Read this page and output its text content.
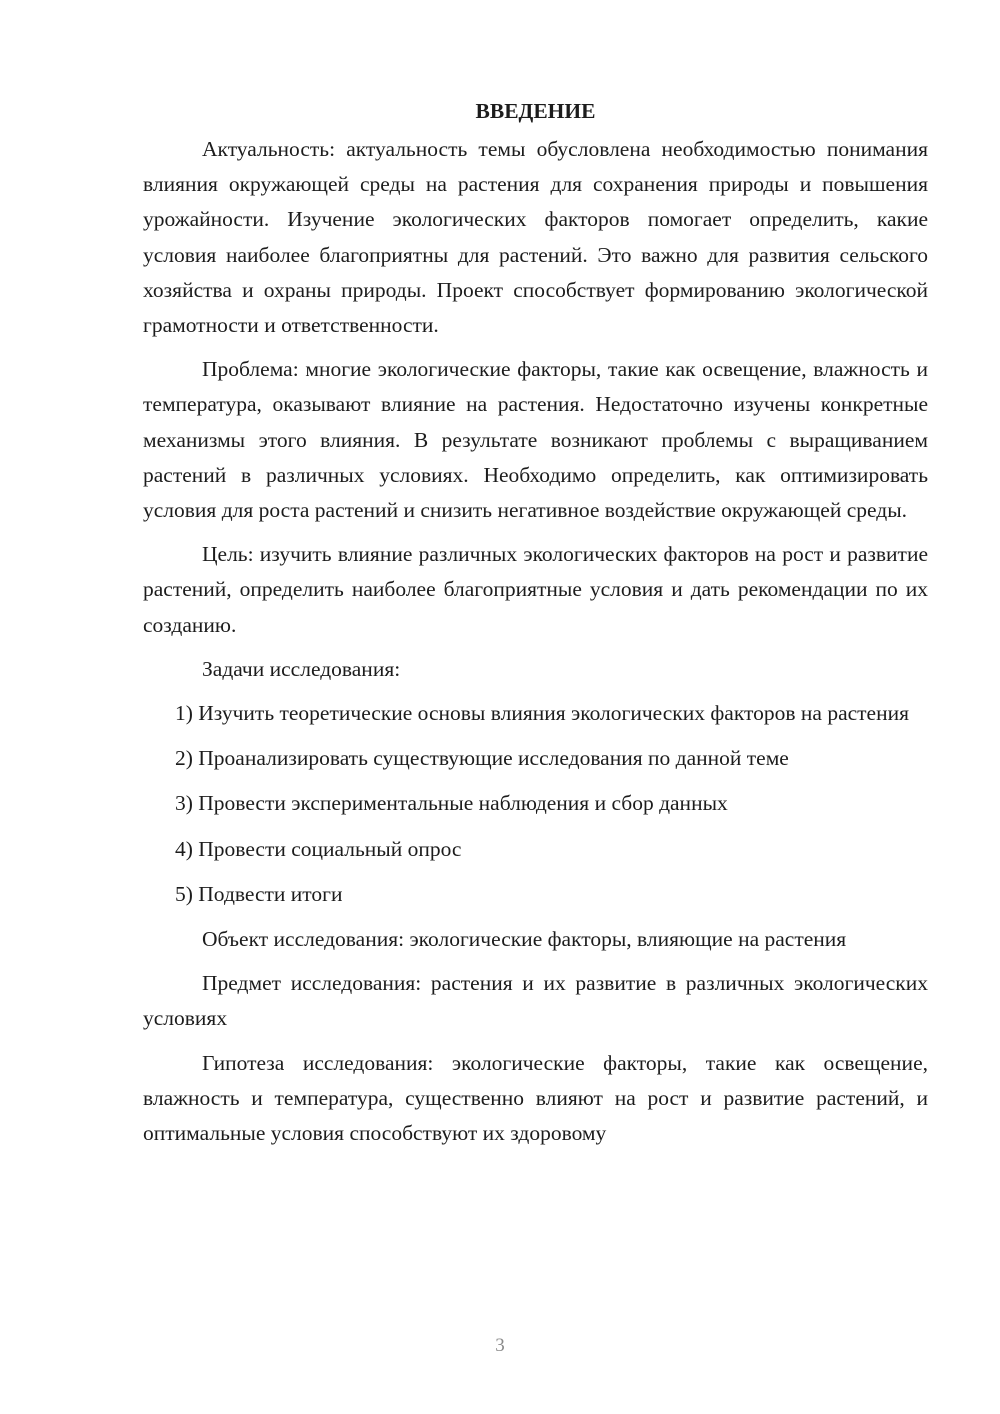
ВВЕДЕНИЕ

Актуальность: актуальность темы обусловлена необходимостью понимания влияния окружающей среды на растения для сохранения природы и повышения урожайности. Изучение экологических факторов помогает определить, какие условия наиболее благоприятны для растений. Это важно для развития сельского хозяйства и охраны природы. Проект способствует формированию экологической грамотности и ответственности.

Проблема: многие экологические факторы, такие как освещение, влажность и температура, оказывают влияние на растения. Недостаточно изучены конкретные механизмы этого влияния. В результате возникают проблемы с выращиванием растений в различных условиях. Необходимо определить, как оптимизировать условия для роста растений и снизить негативное воздействие окружающей среды.

Цель: изучить влияние различных экологических факторов на рост и развитие растений, определить наиболее благоприятные условия и дать рекомендации по их созданию.

Задачи исследования:

1) Изучить теоретические основы влияния экологических факторов на растения

2) Проанализировать существующие исследования по данной теме

3) Провести экспериментальные наблюдения и сбор данных

4) Провести социальный опрос

5) Подвести итоги

Объект исследования: экологические факторы, влияющие на растения

Предмет исследования: растения и их развитие в различных экологических условиях

Гипотеза исследования: экологические факторы, такие как освещение, влажность и температура, существенно влияют на рост и развитие растений, и оптимальные условия способствуют их здоровому

3
